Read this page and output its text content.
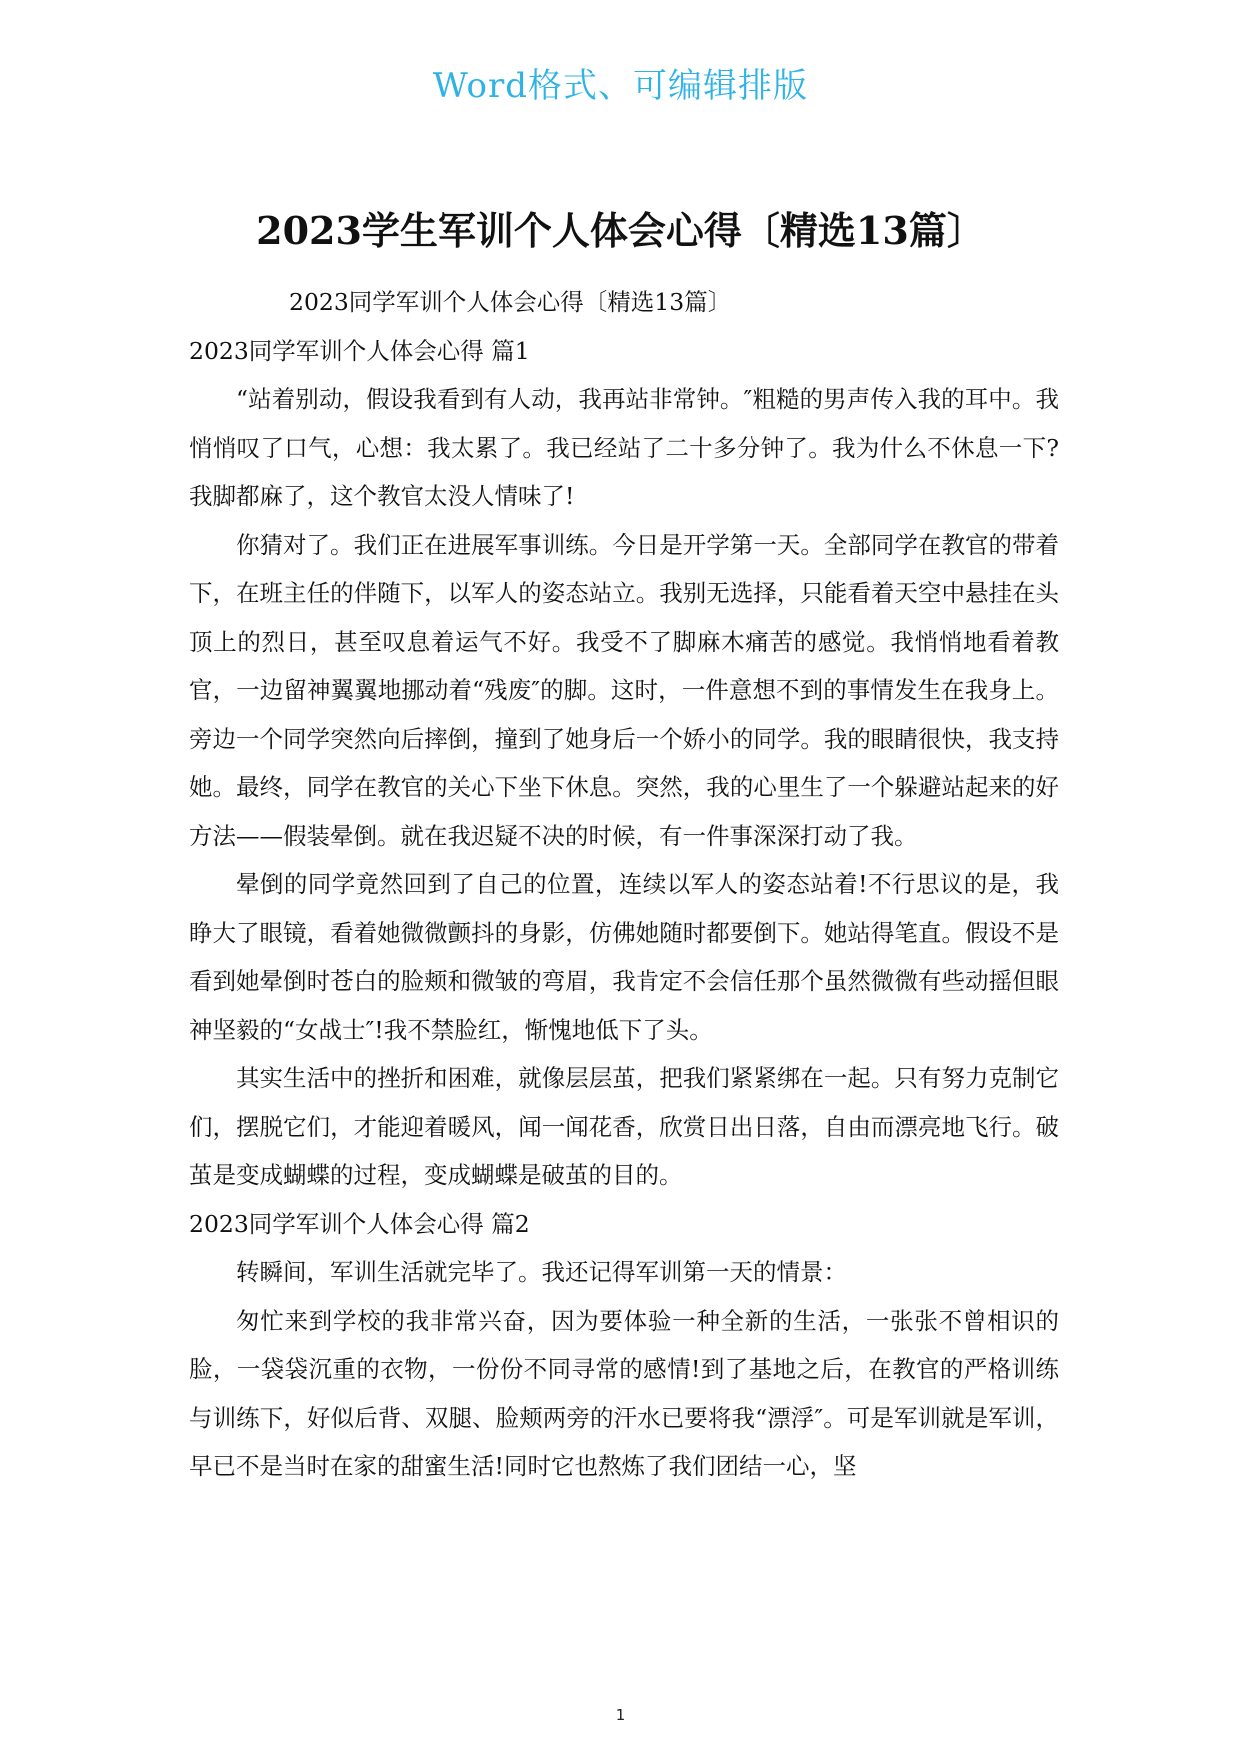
Word格式、可编辑排版
2023学生军训个人体会心得〔精选13篇〕

2023同学军训个人体会心得〔精选13篇〕

2023同学军训个人体会心得 篇1

“站着别动，假设我看到有人动，我再站非常钟。″粗糙的男声传入我的耳中。我悄悄叹了口气，心想：我太累了。我已经站了二十多分钟了。我为什么不休息一下?我脚都麻了，这个教官太没人情味了!

你猜对了。我们正在进展军事训练。今日是开学第一天。全部同学在教官的带着下，在班主任的伴随下，以军人的姿态站立。我别无选择，只能看着天空中悬挂在头顶上的烈日，甚至叹息着运气不好。我受不了脚麻木痛苦的感觉。我悄悄地看着教官，一边留神翼翼地挪动着“残废″的脚。这时，一件意想不到的事情发生在我身上。旁边一个同学突然向后摔倒，撞到了她身后一个娇小的同学。我的眼睛很快，我支持她。最终，同学在教官的关心下坐下休息。突然，我的心里生了一个躲避站起来的好方法——假装晕倒。就在我迟疑不决的时候，有一件事深深打动了我。

晕倒的同学竟然回到了自己的位置，连续以军人的姿态站着!不行思议的是，我睁大了眼镜，看着她微微颤抖的身影，仿佛她随时都要倒下。她站得笔直。假设不是看到她晕倒时苍白的脸颊和微皱的弯眉，我肯定不会信任那个虽然微微有些动摇但眼神坚毅的“女战士″!我不禁脸红，惭愧地低下了头。

其实生活中的挫折和困难，就像层层茧，把我们紧紧绑在一起。只有努力克制它们，摆脱它们，才能迎着暖风，闻一闻花香，欣赏日出日落，自由而漂亮地飞行。破茧是变成蝴蝶的过程，变成蝴蝶是破茧的目的。

2023同学军训个人体会心得 篇2

转瞬间，军训生活就完毕了。我还记得军训第一天的情景：

匆忙来到学校的我非常兴奋，因为要体验一种全新的生活，一张张不曾相识的脸，一袋袋沉重的衣物，一份份不同寻常的感情!到了基地之后，在教官的严格训练与训练下，好似后背、双腿、脸颊两旁的汗水已要将我“漂浮″。可是军训就是军训，早已不是当时在家的甜蜜生活!同时它也熬炼了我们团结一心，坚

1
